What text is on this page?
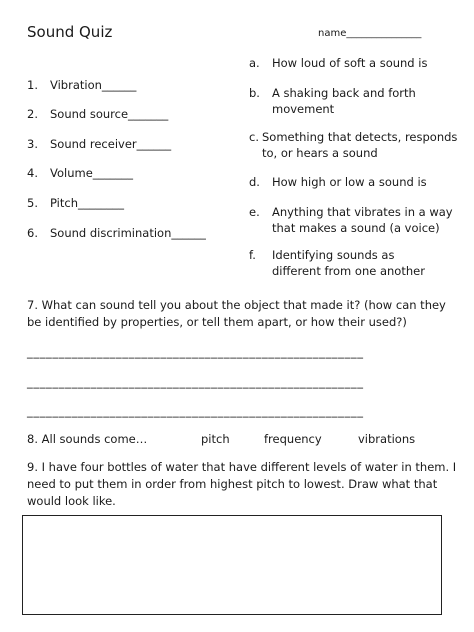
Sound Quiz	name_______________
1. Vibration______
2. Sound source_______
3. Sound receiver______
4. Volume_______
5. Pitch________
6. Sound discrimination______
a. How loud of soft a sound is
b. A shaking back and forth movement
c. Something that detects, responds to, or hears a sound
d. How high or low a sound is
e. Anything that vibrates in a way that makes a sound (a voice)
f. Identifying sounds as different from one another
7. What can sound tell you about the object that made it? (how can they be identified by properties, or tell them apart, or how their used?)
_____________________________________________________
_____________________________________________________
_____________________________________________________
8. All sounds come…	pitch	frequency	vibrations
9. I have four bottles of water that have different levels of water in them. I need to put them in order from highest pitch to lowest. Draw what that would look like.
